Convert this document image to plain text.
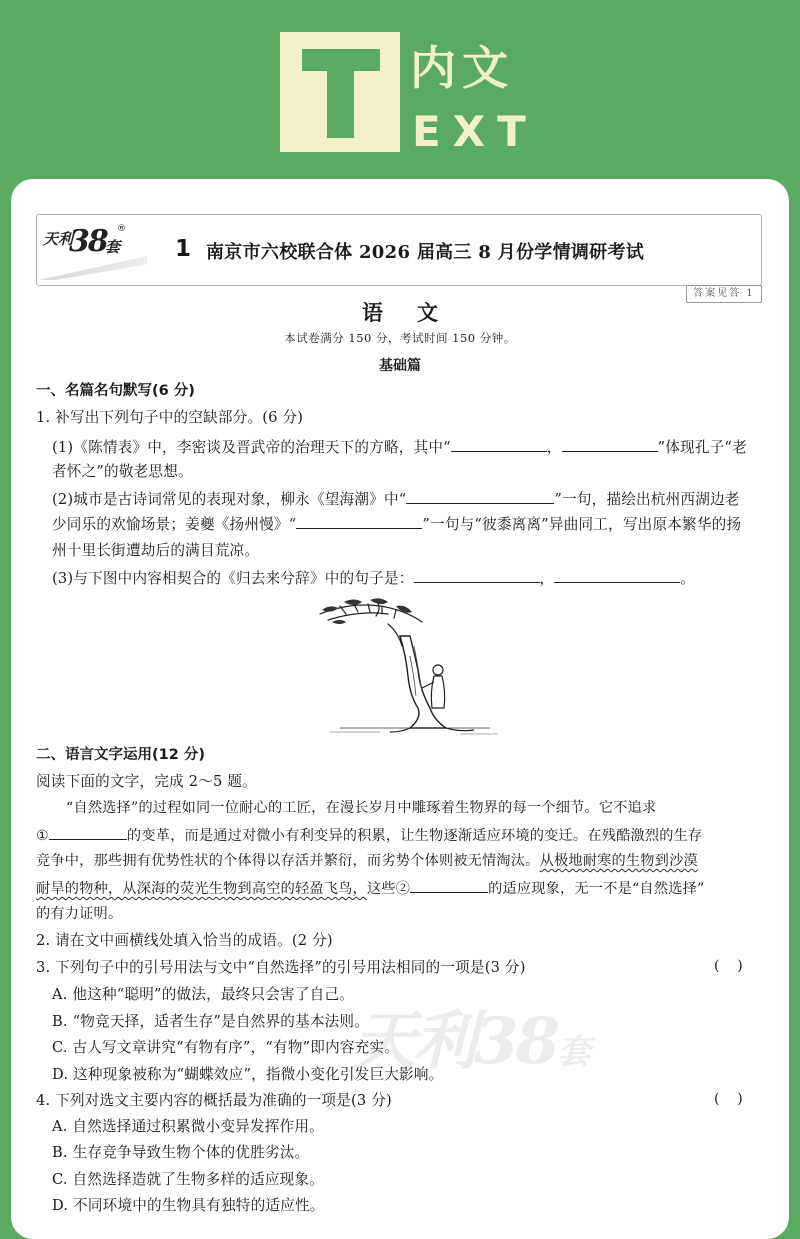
内文
EXT
天利
38
套
®
1 南京市六校联合体 2026 届高三 8 月份学情调研考试
答案见答 1
语文
本试卷满分 150 分，考试时间 150 分钟。
基础篇
一、名篇名句默写(6 分)
1. 补写出下列句子中的空缺部分。(6 分)
(1)《陈情表》中，李密谈及晋武帝的治理天下的方略，其中“	，	”体现孔子“老
者怀之”的敬老思想。
(2)城市是古诗词常见的表现对象，柳永《望海潮》中“	”一句，描绘出杭州西湖边老
少同乐的欢愉场景；姜夔《扬州慢》“	”一句与“彼黍离离”异曲同工，写出原本繁华的扬
州十里长街遭劫后的满目荒凉。
(3)与下图中内容相契合的《归去来兮辞》中的句子是：	，	。
二、语言文字运用(12 分)
阅读下面的文字，完成 2～5 题。
“自然选择”的过程如同一位耐心的工匠，在漫长岁月中雕琢着生物界的每一个细节。它不追求
①	的变革，而是通过对微小有利变异的积累，让生物逐渐适应环境的变迁。在残酷激烈的生存
竞争中，那些拥有优势性状的个体得以存活并繁衍，而劣势个体则被无情淘汰。从极地耐寒的生物到沙漠
耐旱的物种，从深海的荧光生物到高空的轻盈飞鸟，这些②	的适应现象，无一不是“自然选择”
的有力证明。
2. 请在文中画横线处填入恰当的成语。(2 分)
3. 下列句子中的引号用法与文中“自然选择”的引号用法相同的一项是(3 分)	(    )
A. 他这种“聪明”的做法，最终只会害了自己。
B. “物竞天择，适者生存”是自然界的基本法则。
C. 古人写文章讲究“有物有序”，“有物”即内容充实。
D. 这种现象被称为“蝴蝶效应”，指微小变化引发巨大影响。
4. 下列对选文主要内容的概括最为准确的一项是(3 分)	(    )
A. 自然选择通过积累微小变异发挥作用。
B. 生存竞争导致生物个体的优胜劣汰。
C. 自然选择造就了生物多样的适应现象。
D. 不同环境中的生物具有独特的适应性。
天利38套
